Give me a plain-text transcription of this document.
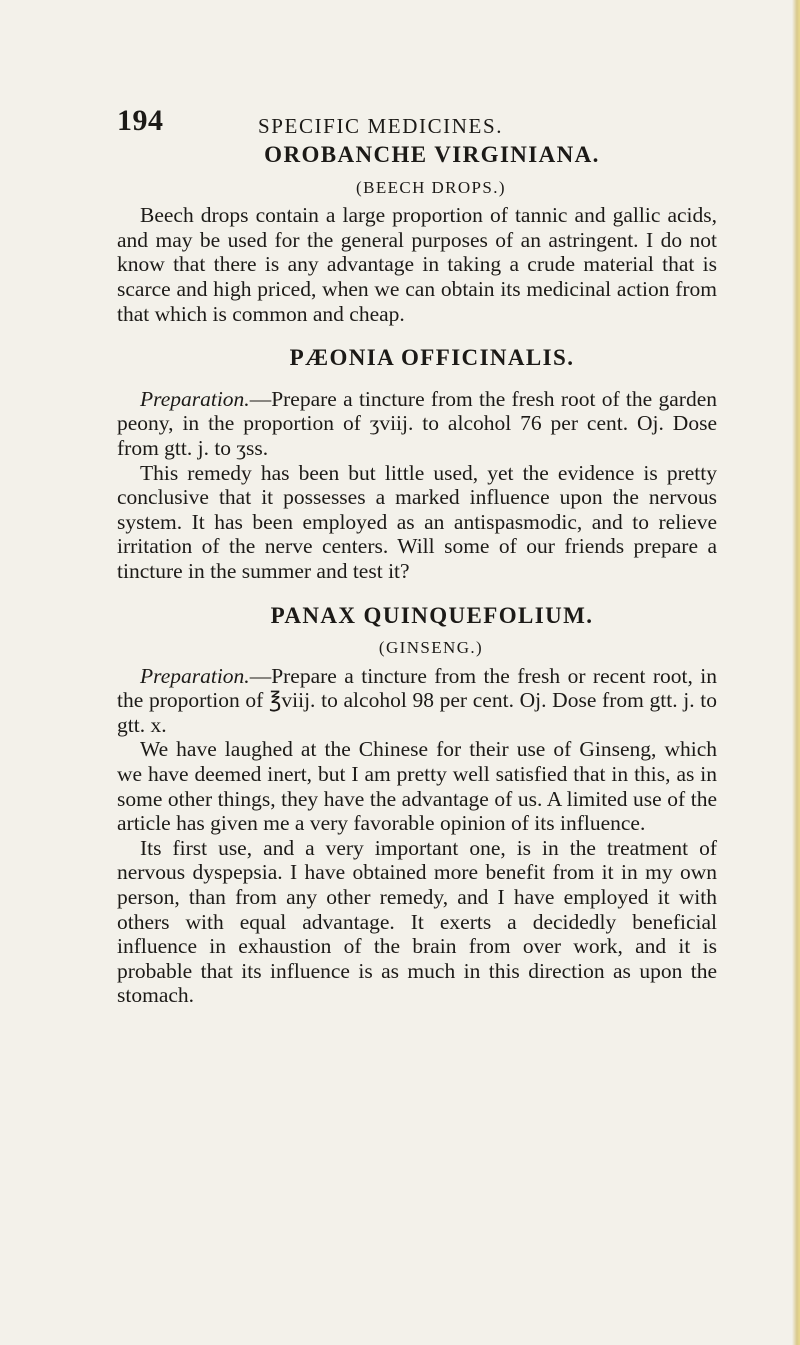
194	SPECIFIC MEDICINES.
OROBANCHE VIRGINIANA.
(BEECH DROPS.)

Beech drops contain a large proportion of tannic and gallic acids, and may be used for the general purposes of an astringent. I do not know that there is any advantage in taking a crude material that is scarce and high priced, when we can obtain its medicinal action from that which is common and cheap.

PÆONIA OFFICINALIS.

Preparation.—Prepare a tincture from the fresh root of the garden peony, in the proportion of ʒviij. to alcohol 76 per cent. Oj. Dose from gtt. j. to ʒss.

This remedy has been but little used, yet the evidence is pretty conclusive that it possesses a marked influence upon the nervous system. It has been employed as an antispasmodic, and to relieve irritation of the nerve centers. Will some of our friends prepare a tincture in the summer and test it?

PANAX QUINQUEFOLIUM.
(GINSENG.)

Preparation.—Prepare a tincture from the fresh or recent root, in the proportion of ℥viij. to alcohol 98 per cent. Oj. Dose from gtt. j. to gtt. x.

We have laughed at the Chinese for their use of Ginseng, which we have deemed inert, but I am pretty well satisfied that in this, as in some other things, they have the advantage of us. A limited use of the article has given me a very favorable opinion of its influence.

Its first use, and a very important one, is in the treatment of nervous dyspepsia. I have obtained more benefit from it in my own person, than from any other remedy, and I have employed it with others with equal advantage. It exerts a decidedly beneficial influence in exhaustion of the brain from over work, and it is probable that its influence is as much in this direction as upon the stomach.
